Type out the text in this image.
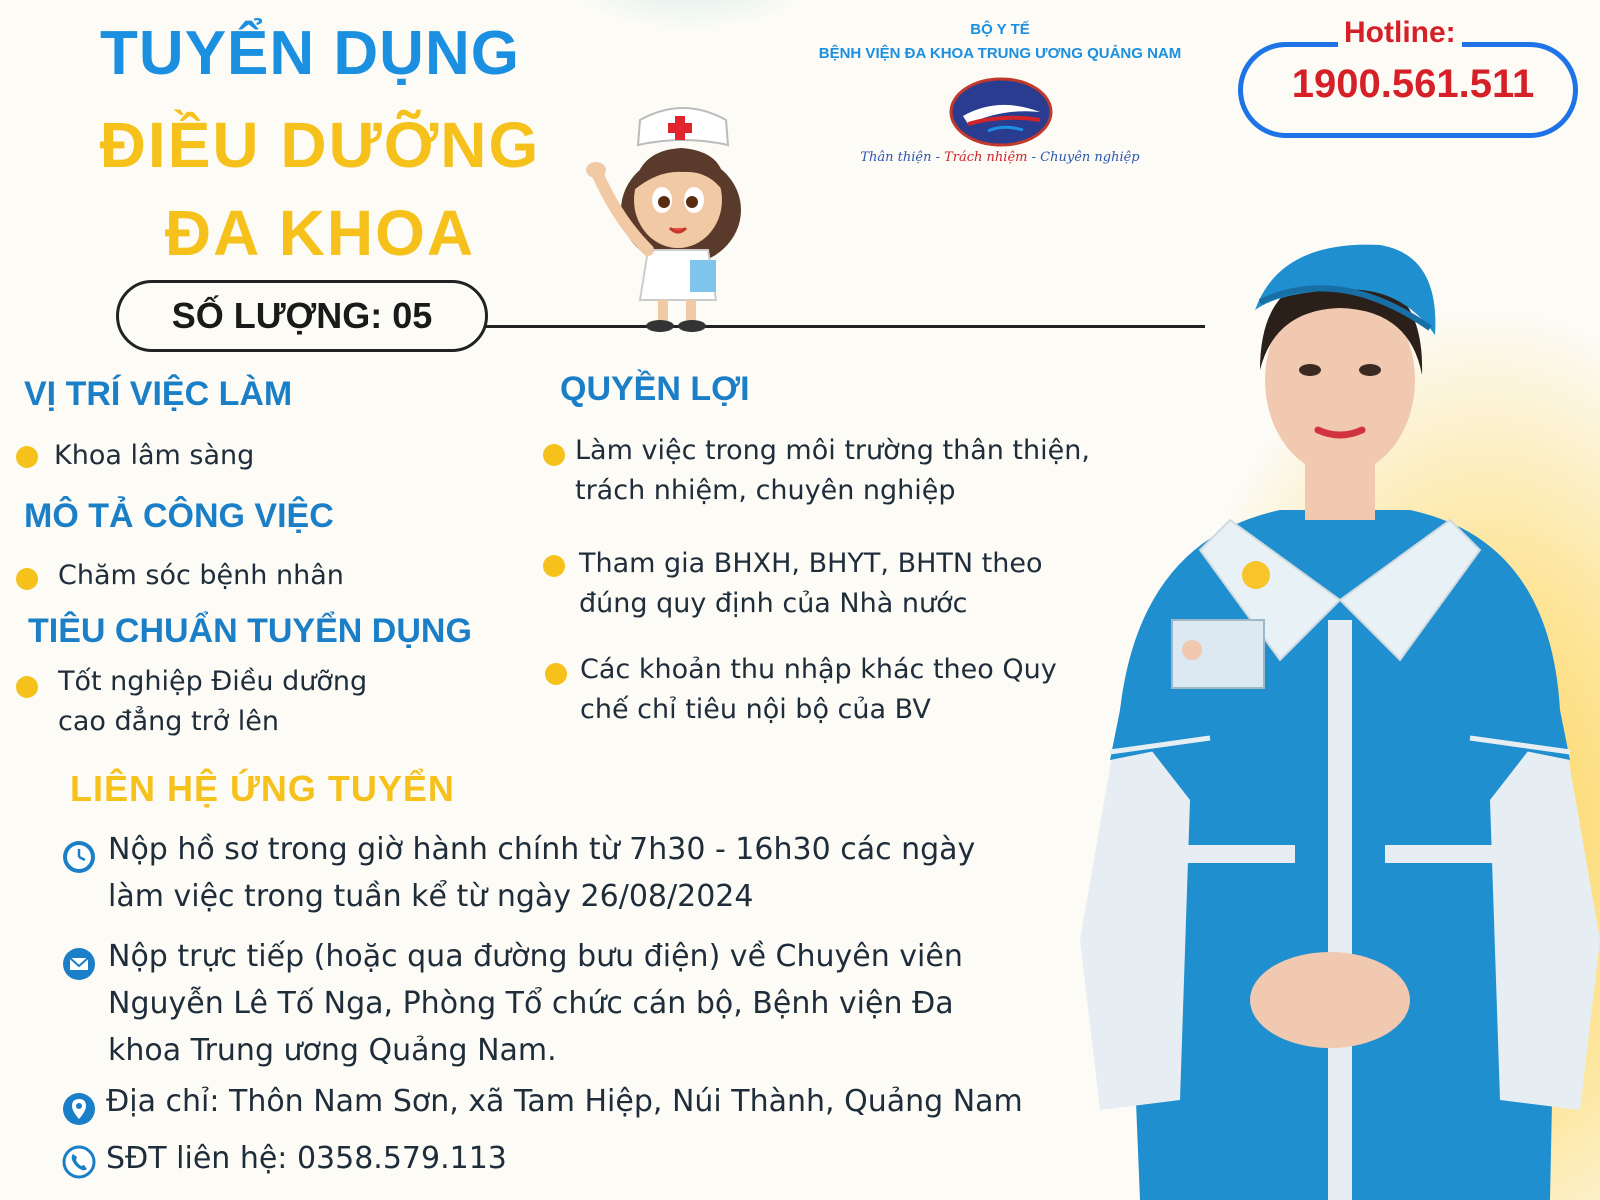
TUYỂN DỤNG
ĐIỀU DƯỠNG
ĐA KHOA
SỐ LƯỢNG: 05
BỘ Y TẾ
BỆNH VIỆN ĐA KHOA TRUNG ƯƠNG QUẢNG NAM
Thân thiện - Trách nhiệm - Chuyên nghiệp
Hotline:
1900.561.511
VỊ TRÍ VIỆC LÀM
Khoa lâm sàng
MÔ TẢ CÔNG VIỆC
Chăm sóc bệnh nhân
TIÊU CHUẨN TUYỂN DỤNG
Tốt nghiệp Điều dưỡng
cao đẳng trở lên
QUYỀN LỢI
Làm việc trong môi trường thân thiện,
trách nhiệm, chuyên nghiệp
Tham gia BHXH, BHYT, BHTN theo
đúng quy định của Nhà nước
Các khoản thu nhập khác theo Quy
chế chỉ tiêu nội bộ của BV
LIÊN HỆ ỨNG TUYỂN
Nộp hồ sơ trong giờ hành chính từ 7h30 - 16h30 các ngày
làm việc trong tuần kể từ ngày 26/08/2024
Nộp trực tiếp (hoặc qua đường bưu điện) về Chuyên viên
Nguyễn Lê Tố Nga, Phòng Tổ chức cán bộ, Bệnh viện Đa
khoa Trung ương Quảng Nam.
Địa chỉ: Thôn Nam Sơn, xã Tam Hiệp, Núi Thành, Quảng Nam
SĐT liên hệ: 0358.579.113
